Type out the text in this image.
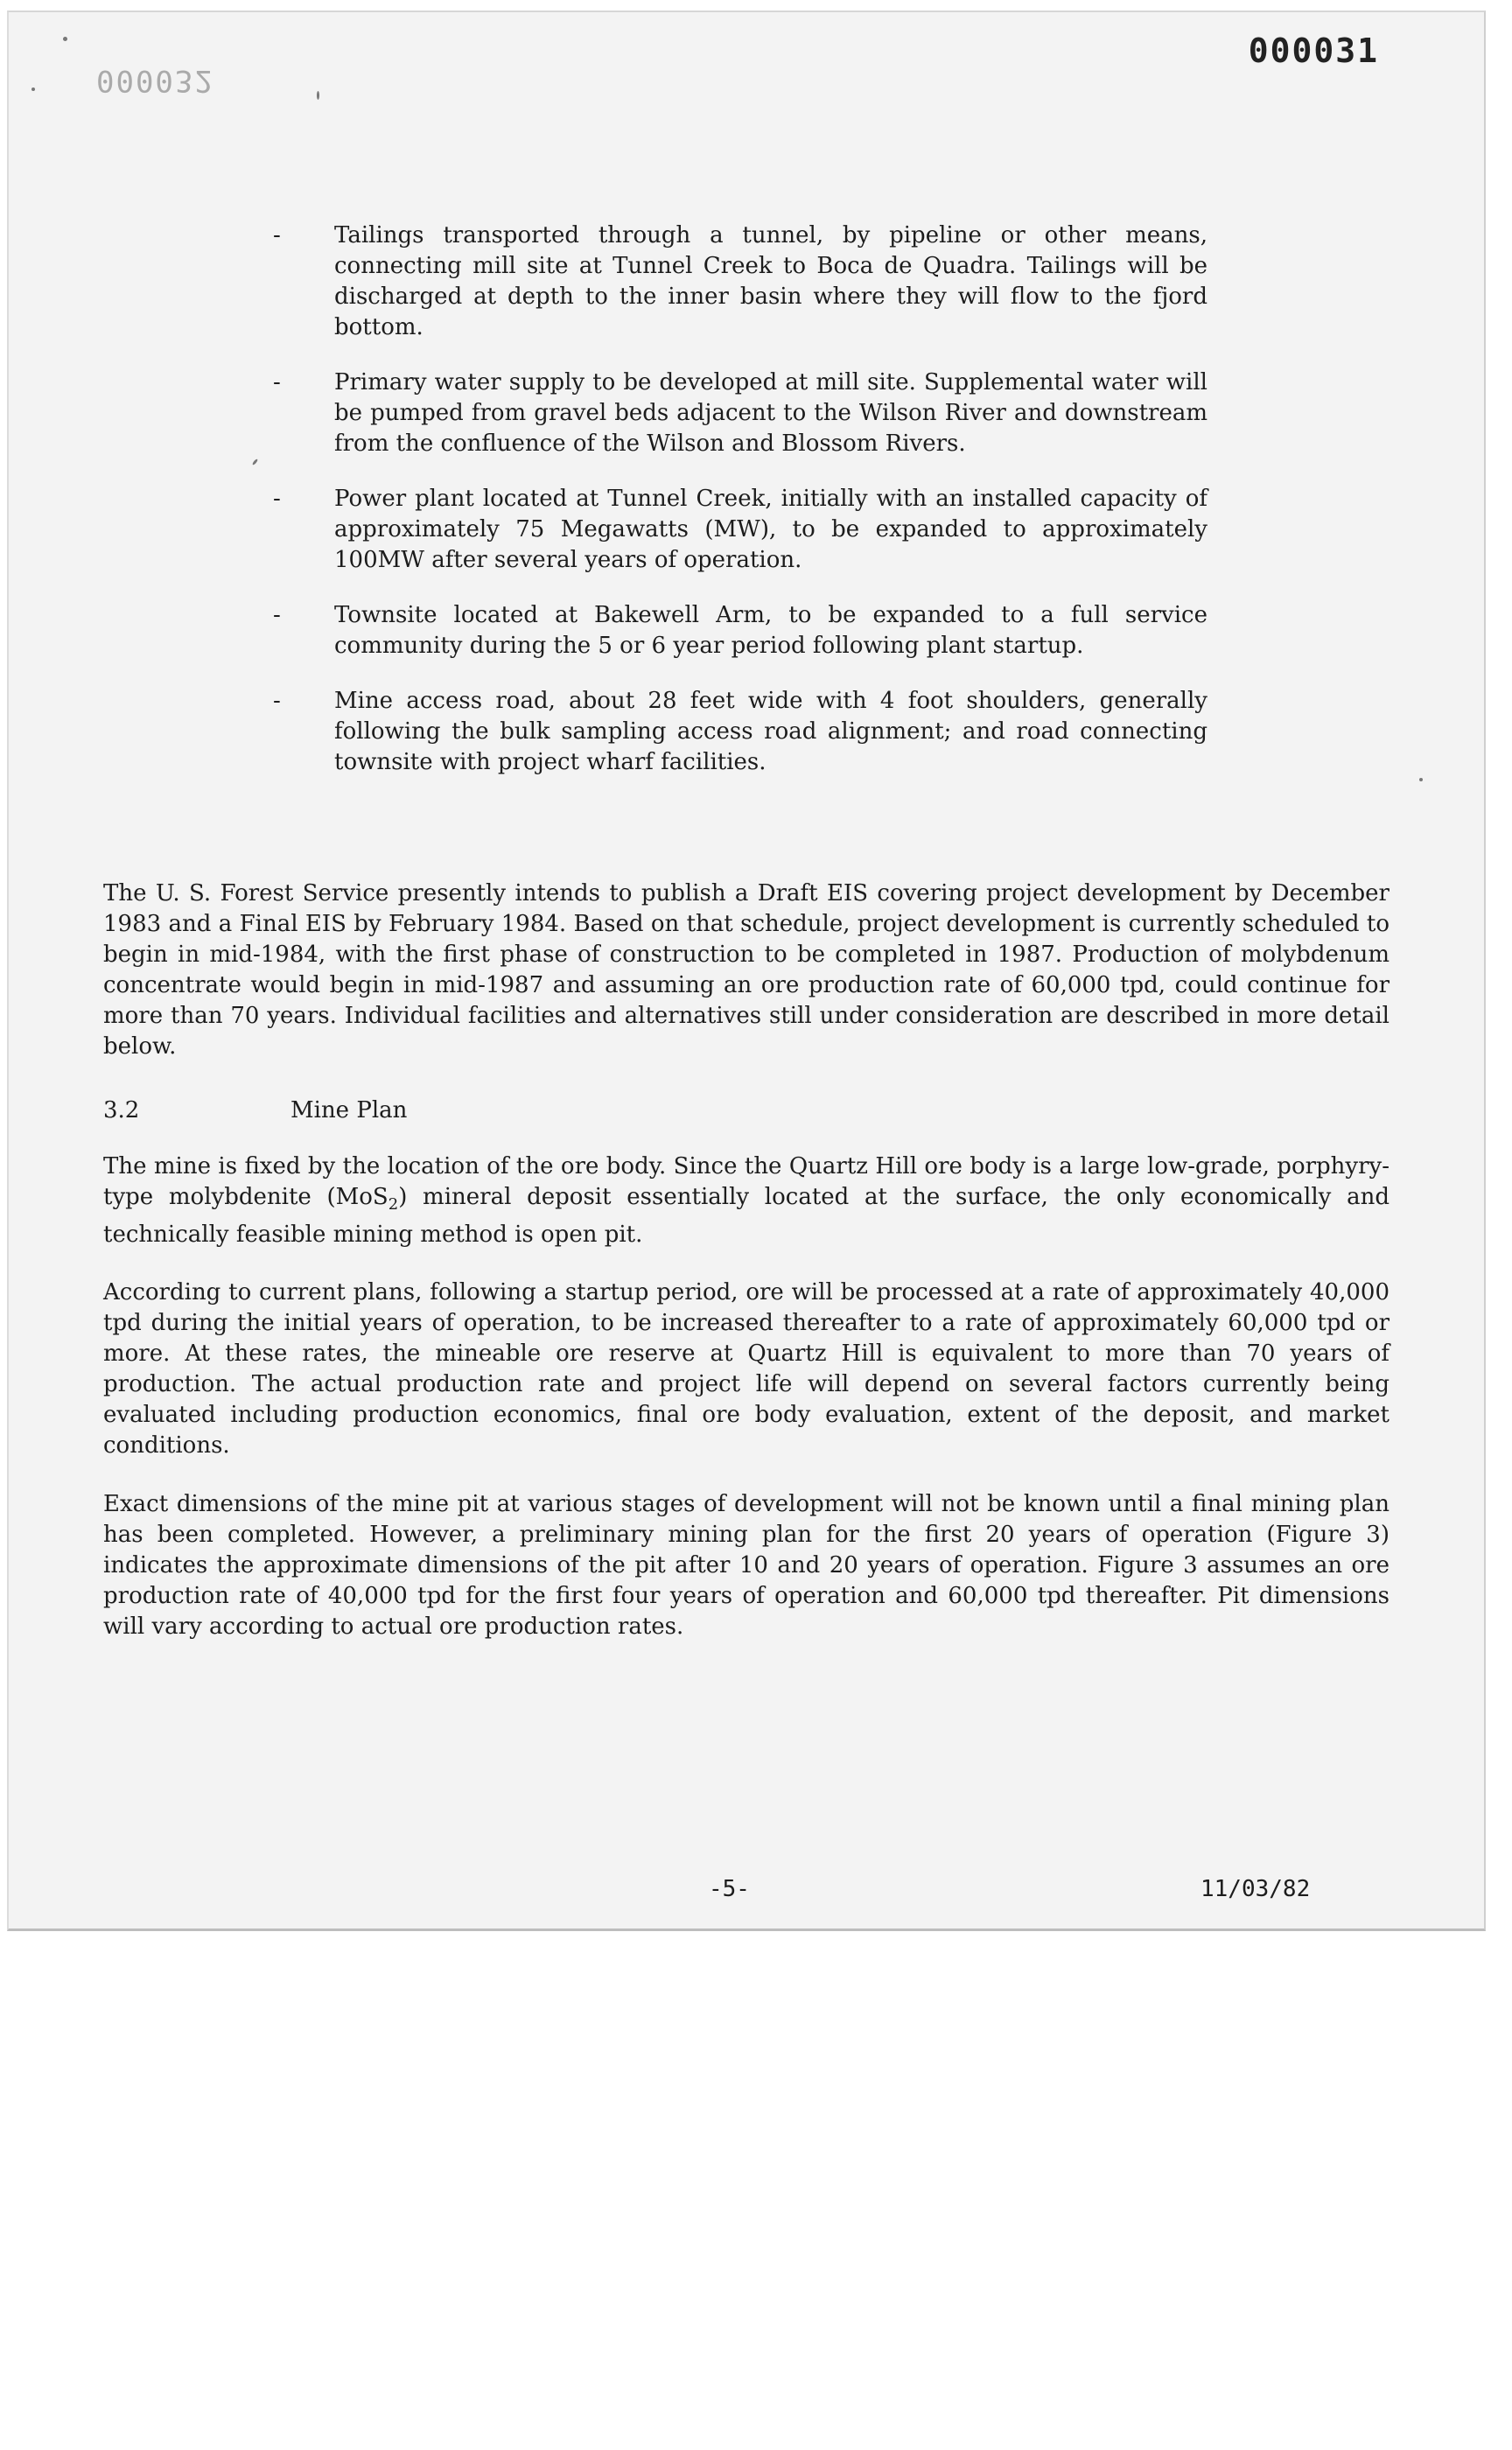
000031
000032
- Tailings transported through a tunnel, by pipeline or other means, connecting mill site at Tunnel Creek to Boca de Quadra. Tailings will be discharged at depth to the inner basin where they will flow to the fjord bottom.
- Primary water supply to be developed at mill site. Supplemental water will be pumped from gravel beds adjacent to the Wilson River and downstream from the confluence of the Wilson and Blossom Rivers.
- Power plant located at Tunnel Creek, initially with an installed capacity of approximately 75 Megawatts (MW), to be expanded to approximately 100MW after several years of operation.
- Townsite located at Bakewell Arm, to be expanded to a full service community during the 5 or 6 year period following plant startup.
- Mine access road, about 28 feet wide with 4 foot shoulders, generally following the bulk sampling access road alignment; and road connecting townsite with project wharf facilities.

The U. S. Forest Service presently intends to publish a Draft EIS covering project development by December 1983 and a Final EIS by February 1984. Based on that schedule, project development is currently scheduled to begin in mid-1984, with the first phase of construction to be completed in 1987. Production of molybdenum concentrate would begin in mid-1987 and assuming an ore production rate of 60,000 tpd, could continue for more than 70 years. Individual facilities and alternatives still under consideration are described in more detail below.

3.2	Mine Plan

The mine is fixed by the location of the ore body. Since the Quartz Hill ore body is a large low-grade, porphyry-type molybdenite (MoS$_2$) mineral deposit essentially located at the surface, the only economically and technically feasible mining method is open pit.

According to current plans, following a startup period, ore will be processed at a rate of approximately 40,000 tpd during the initial years of operation, to be increased thereafter to a rate of approximately 60,000 tpd or more. At these rates, the mineable ore reserve at Quartz Hill is equivalent to more than 70 years of production. The actual production rate and project life will depend on several factors currently being evaluated including production economics, final ore body evaluation, extent of the deposit, and market conditions.

Exact dimensions of the mine pit at various stages of development will not be known until a final mining plan has been completed. However, a preliminary mining plan for the first 20 years of operation (Figure 3) indicates the approximate dimensions of the pit after 10 and 20 years of operation. Figure 3 assumes an ore production rate of 40,000 tpd for the first four years of operation and 60,000 tpd thereafter. Pit dimensions will vary according to actual ore production rates.

-5-	11/03/82
